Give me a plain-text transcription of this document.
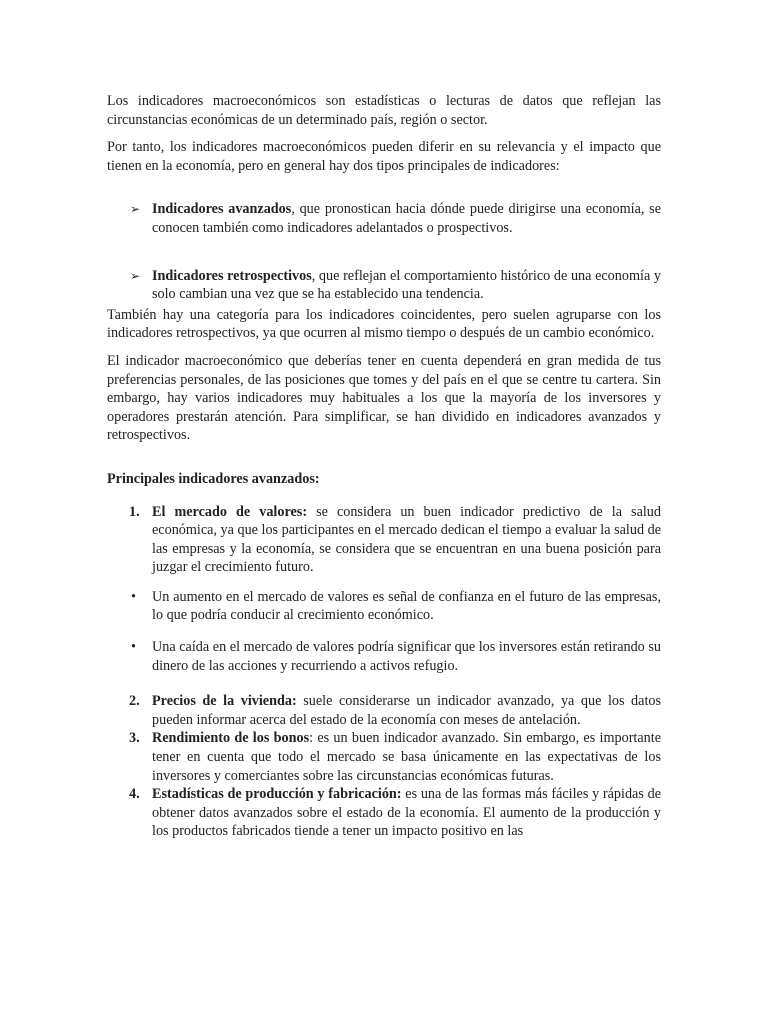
Los indicadores macroeconómicos son estadísticas o lecturas de datos que reflejan las circunstancias económicas de un determinado país, región o sector.

Por tanto, los indicadores macroeconómicos pueden diferir en su relevancia y el impacto que tienen en la economía, pero en general hay dos tipos principales de indicadores:

➢ Indicadores avanzados, que pronostican hacia dónde puede dirigirse una economía, se conocen también como indicadores adelantados o prospectivos.
➢ Indicadores retrospectivos, que reflejan el comportamiento histórico de una economía y solo cambian una vez que se ha establecido una tendencia.

También hay una categoría para los indicadores coincidentes, pero suelen agruparse con los indicadores retrospectivos, ya que ocurren al mismo tiempo o después de un cambio económico.

El indicador macroeconómico que deberías tener en cuenta dependerá en gran medida de tus preferencias personales, de las posiciones que tomes y del país en el que se centre tu cartera. Sin embargo, hay varios indicadores muy habituales a los que la mayoría de los inversores y operadores prestarán atención. Para simplificar, se han dividido en indicadores avanzados y retrospectivos.

Principales indicadores avanzados:

1. El mercado de valores: se considera un buen indicador predictivo de la salud económica, ya que los participantes en el mercado dedican el tiempo a evaluar la salud de las empresas y la economía, se considera que se encuentran en una buena posición para juzgar el crecimiento futuro.
• Un aumento en el mercado de valores es señal de confianza en el futuro de las empresas, lo que podría conducir al crecimiento económico.
• Una caída en el mercado de valores podría significar que los inversores están retirando su dinero de las acciones y recurriendo a activos refugio.
2. Precios de la vivienda: suele considerarse un indicador avanzado, ya que los datos pueden informar acerca del estado de la economía con meses de antelación.
3. Rendimiento de los bonos: es un buen indicador avanzado. Sin embargo, es importante tener en cuenta que todo el mercado se basa únicamente en las expectativas de los inversores y comerciantes sobre las circunstancias económicas futuras.
4. Estadísticas de producción y fabricación: es una de las formas más fáciles y rápidas de obtener datos avanzados sobre el estado de la economía. El aumento de la producción y los productos fabricados tiende a tener un impacto positivo en las
